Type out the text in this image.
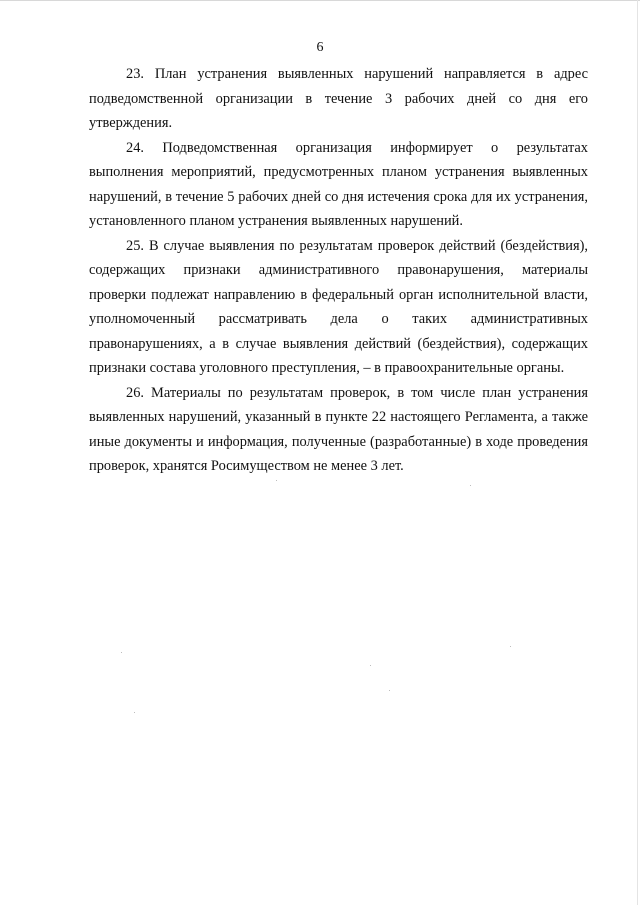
6

23. План устранения выявленных нарушений направляется в адрес подведомственной организации в течение 3 рабочих дней со дня его утверждения.

24. Подведомственная организация информирует о результатах выполнения мероприятий, предусмотренных планом устранения выявленных нарушений, в течение 5 рабочих дней со дня истечения срока для их устранения, установленного планом устранения выявленных нарушений.

25. В случае выявления по результатам проверок действий (бездействия), содержащих признаки административного правонарушения, материалы проверки подлежат направлению в федеральный орган исполнительной власти, уполномоченный рассматривать дела о таких административных правонарушениях, а в случае выявления действий (бездействия), содержащих признаки состава уголовного преступления, – в правоохранительные органы.

26. Материалы по результатам проверок, в том числе план устранения выявленных нарушений, указанный в пункте 22 настоящего Регламента, а также иные документы и информация, полученные (разработанные) в ходе проведения проверок, хранятся Росимуществом не менее 3 лет.
